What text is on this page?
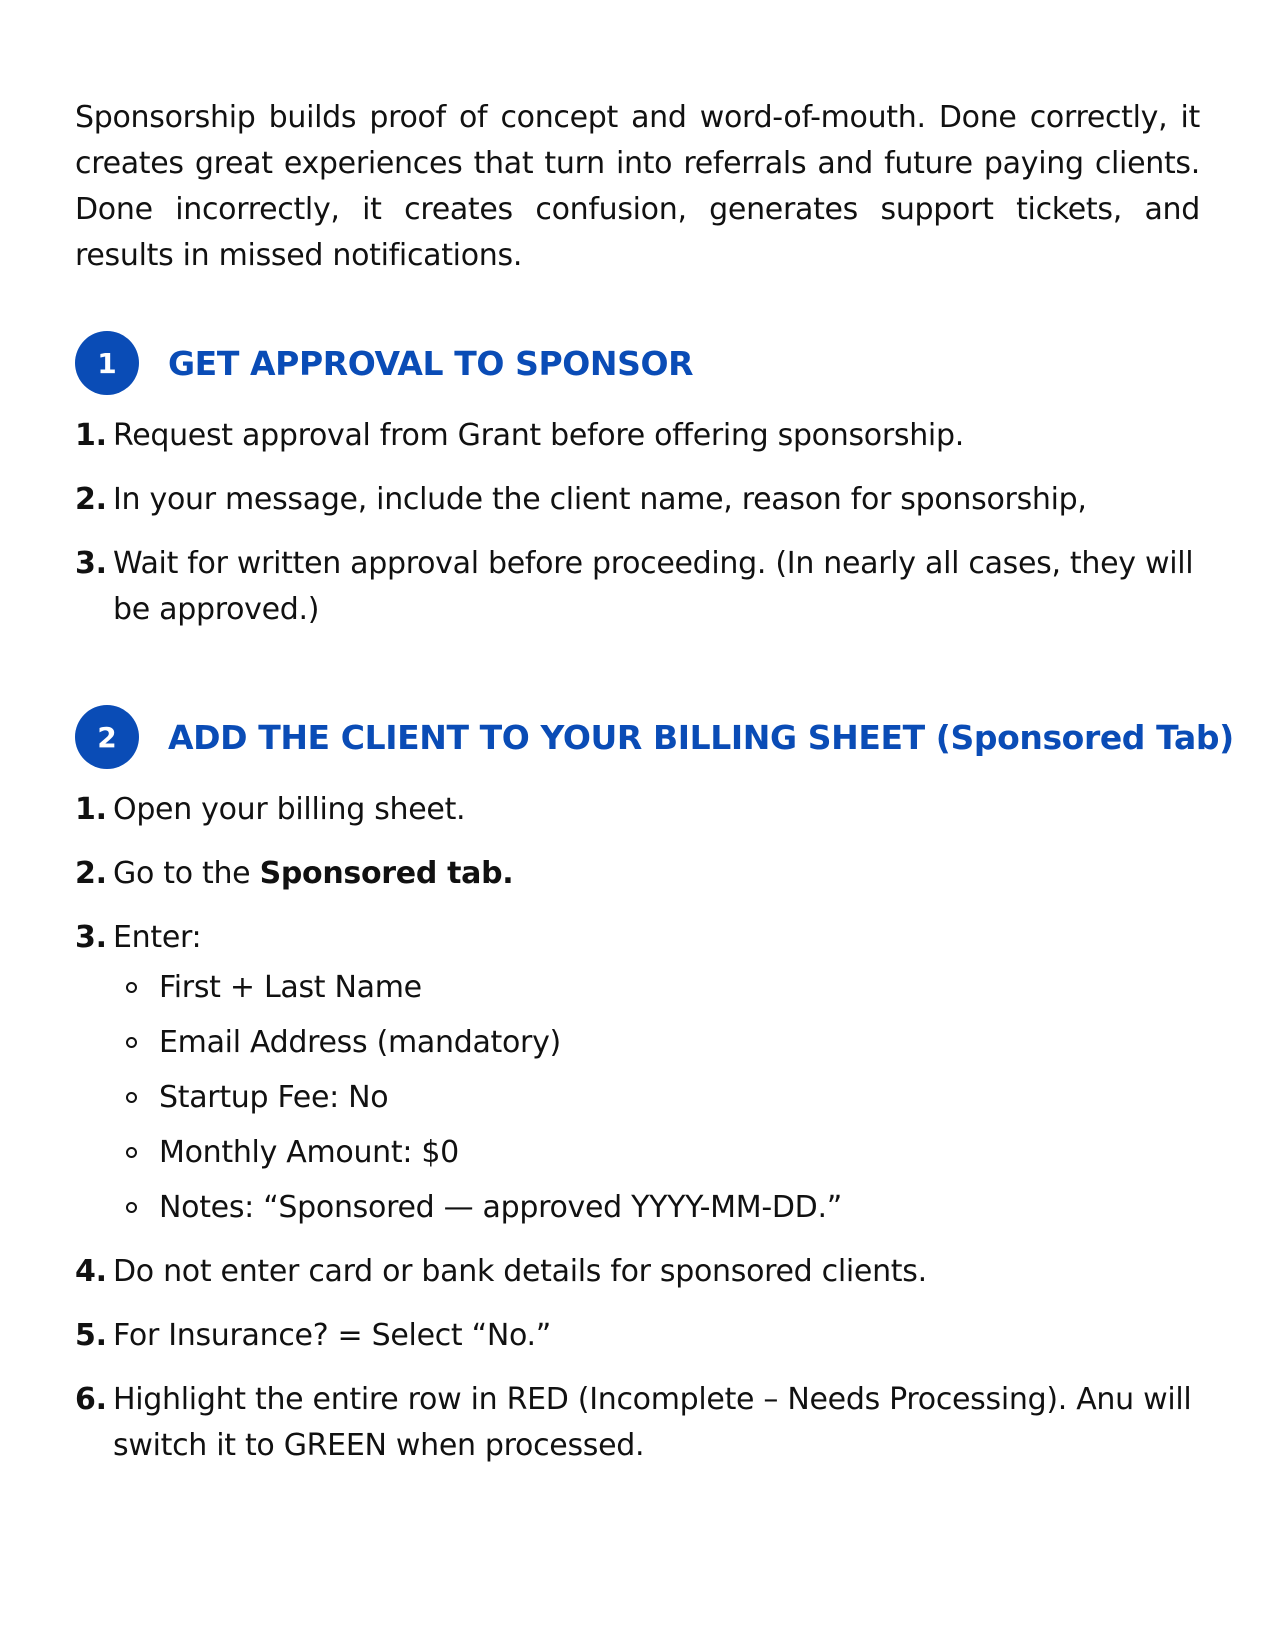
Sponsorship builds proof of concept and word-of-mouth. Done correctly, it creates great experiences that turn into referrals and future paying clients. Done incorrectly, it creates confusion, generates support tickets, and results in missed notifications.

1	GET APPROVAL TO SPONSOR
1. Request approval from Grant before offering sponsorship.
2. In your message, include the client name, reason for sponsorship,
3. Wait for written approval before proceeding. (In nearly all cases, they will be approved.)
2	ADD THE CLIENT TO YOUR BILLING SHEET (Sponsored Tab)
1. Open your billing sheet.
2. Go to the Sponsored tab.
3. Enter:
First + Last Name
Email Address (mandatory)
Startup Fee: No
Monthly Amount: $0
Notes: “Sponsored — approved YYYY-MM-DD.”
4. Do not enter card or bank details for sponsored clients.
5. For Insurance? = Select “No.”
6. Highlight the entire row in RED (Incomplete – Needs Processing). Anu will switch it to GREEN when processed.
